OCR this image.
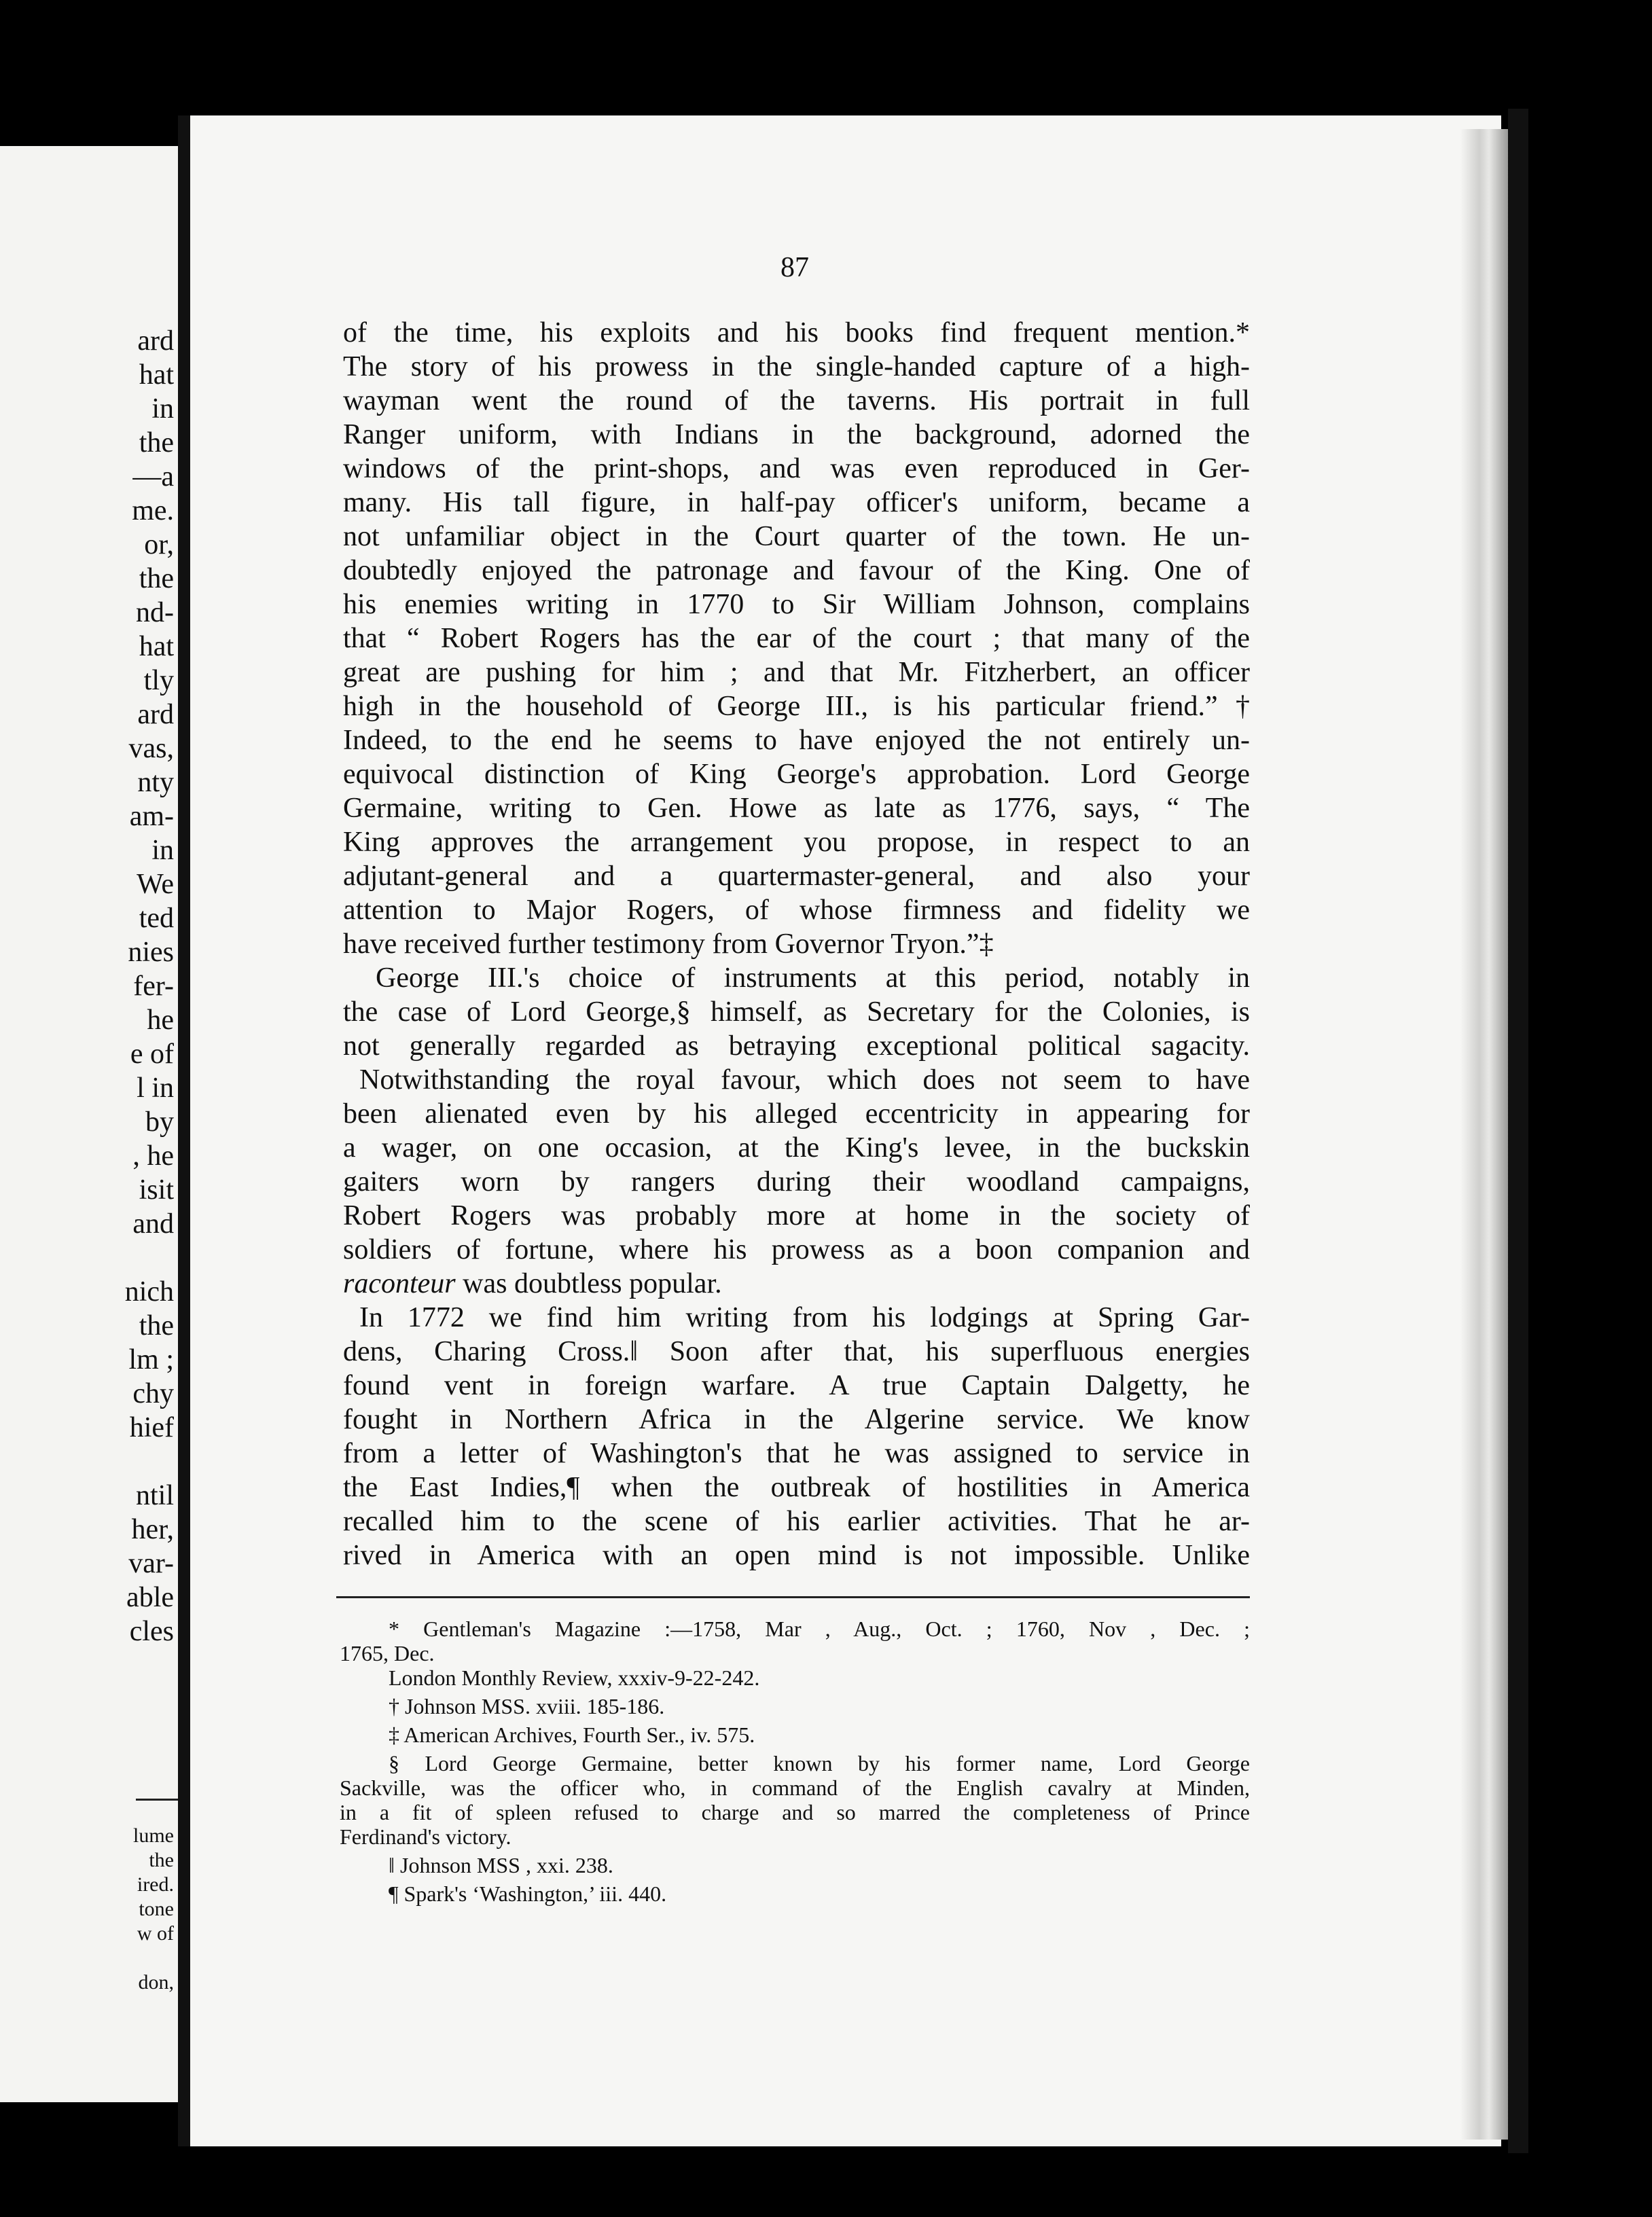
ard
hat
in
the
—a
me.
or,
the
nd-
hat
tly
ard
vas,
nty
am-
in
We
ted
nies
fer-
he
e of
l in
by
, he
isit
and
nich
the
lm ;
chy
hief
ntil
her,
var-
able
cles
lume
the
ired.
tone
w of
don,
87

of the time, his exploits and his books find frequent mention.*
The story of his prowess in the single-handed capture of a high-
wayman went the round of the taverns. His portrait in full
Ranger uniform, with Indians in the background, adorned the
windows of the print-shops, and was even reproduced in Ger-
many. His tall figure, in half-pay officer's uniform, became a
not unfamiliar object in the Court quarter of the town. He un-
doubtedly enjoyed the patronage and favour of the King. One of
his enemies writing in 1770 to Sir William Johnson, complains
that “ Robert Rogers has the ear of the court ; that many of the
great are pushing for him ; and that Mr. Fitzherbert, an officer
high in the household of George III., is his particular friend.”†
Indeed, to the end he seems to have enjoyed the not entirely un-
equivocal distinction of King George's approbation. Lord George
Germaine, writing to Gen. Howe as late as 1776, says, “ The
King approves the arrangement you propose, in respect to an
adjutant-general and a quartermaster-general, and also your
attention to Major Rogers, of whose firmness and fidelity we
have received further testimony from Governor Tryon.”‡

George III.'s choice of instruments at this period, notably in
the case of Lord George,§ himself, as Secretary for the Colonies, is
not generally regarded as betraying exceptional political sagacity.

Notwithstanding the royal favour, which does not seem to have
been alienated even by his alleged eccentricity in appearing for
a wager, on one occasion, at the King's levee, in the buckskin
gaiters worn by rangers during their woodland campaigns,
Robert Rogers was probably more at home in the society of
soldiers of fortune, where his prowess as a boon companion and
raconteur was doubtless popular.

In 1772 we find him writing from his lodgings at Spring Gar-
dens, Charing Cross.‖ Soon after that, his superfluous energies
found vent in foreign warfare. A true Captain Dalgetty, he
fought in Northern Africa in the Algerine service. We know
from a letter of Washington's that he was assigned to service in
the East Indies,¶ when the outbreak of hostilities in America
recalled him to the scene of his earlier activities. That he ar-
rived in America with an open mind is not impossible. Unlike

* Gentleman's Magazine :—1758, Mar , Aug., Oct. ; 1760, Nov , Dec. ;
1765, Dec.
London Monthly Review, xxxiv-9-22-242.
† Johnson MSS. xviii. 185-186.
‡ American Archives, Fourth Ser., iv. 575.
§ Lord George Germaine, better known by his former name, Lord George
Sackville, was the officer who, in command of the English cavalry at Minden,
in a fit of spleen refused to charge and so marred the completeness of Prince
Ferdinand's victory.
‖ Johnson MSS , xxi. 238.
¶ Spark's ‘Washington,’ iii. 440.
